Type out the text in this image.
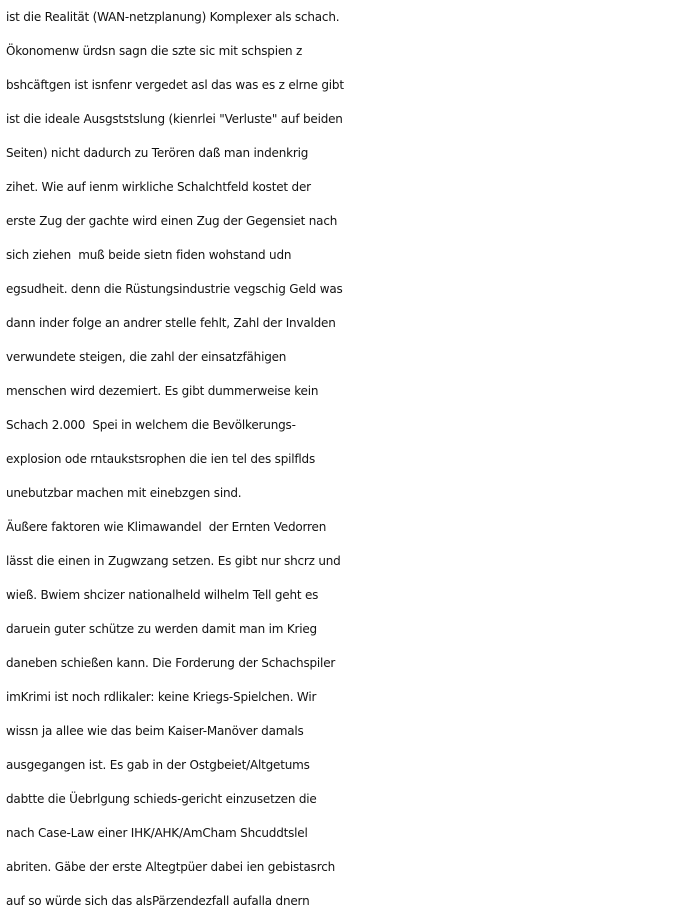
ist die Realität (WAN-netzplanung) Komplexer als schach.
Ökonomenw ürdsn sagn die szte sic mit schspien z
bshcäftgen ist isnfenr vergedet asl das was es z elrne gibt
ist die ideale Ausgststslung (kienrlei "Verluste" auf beiden
Seiten) nicht dadurch zu Terören daß man indenkrig
zihet. Wie auf ienm wirkliche Schalchtfeld kostet der
erste Zug der gachte wird einen Zug der Gegensiet nach
sich ziehen  muß beide sietn fiden wohstand udn
egsudheit. denn die Rüstungsindustrie vegschig Geld was
dann inder folge an andrer stelle fehlt, Zahl der Invalden
verwundete steigen, die zahl der einsatzfähigen
menschen wird dezemiert. Es gibt dummerweise kein
Schach 2.000  Spei in welchem die Bevölkerungs-
explosion ode rntaukstsrophen die ien tel des spilflds
unebutzbar machen mit einebzgen sind.
Äußere faktoren wie Klimawandel  der Ernten Vedorren
lässt die einen in Zugwzang setzen. Es gibt nur shcrz und
wieß. Bwiem shcizer nationalheld wilhelm Tell geht es
daruein guter schütze zu werden damit man im Krieg
daneben schießen kann. Die Forderung der Schachspiler
imKrimi ist noch rdlikaler: keine Kriegs-Spielchen. Wir
wissn ja allee wie das beim Kaiser-Manöver damals
ausgegangen ist. Es gab in der Ostgbeiet/Altgetums
dabtte die Üebrlgung schieds-gericht einzusetzen die
nach Case-Law einer IHK/AHK/AmCham Shcuddtslel
abriten. Gäbe der erste Altegtpüer dabei ien gebistasrch
auf so würde sich das alsPärzendezfall aufalla dnern
